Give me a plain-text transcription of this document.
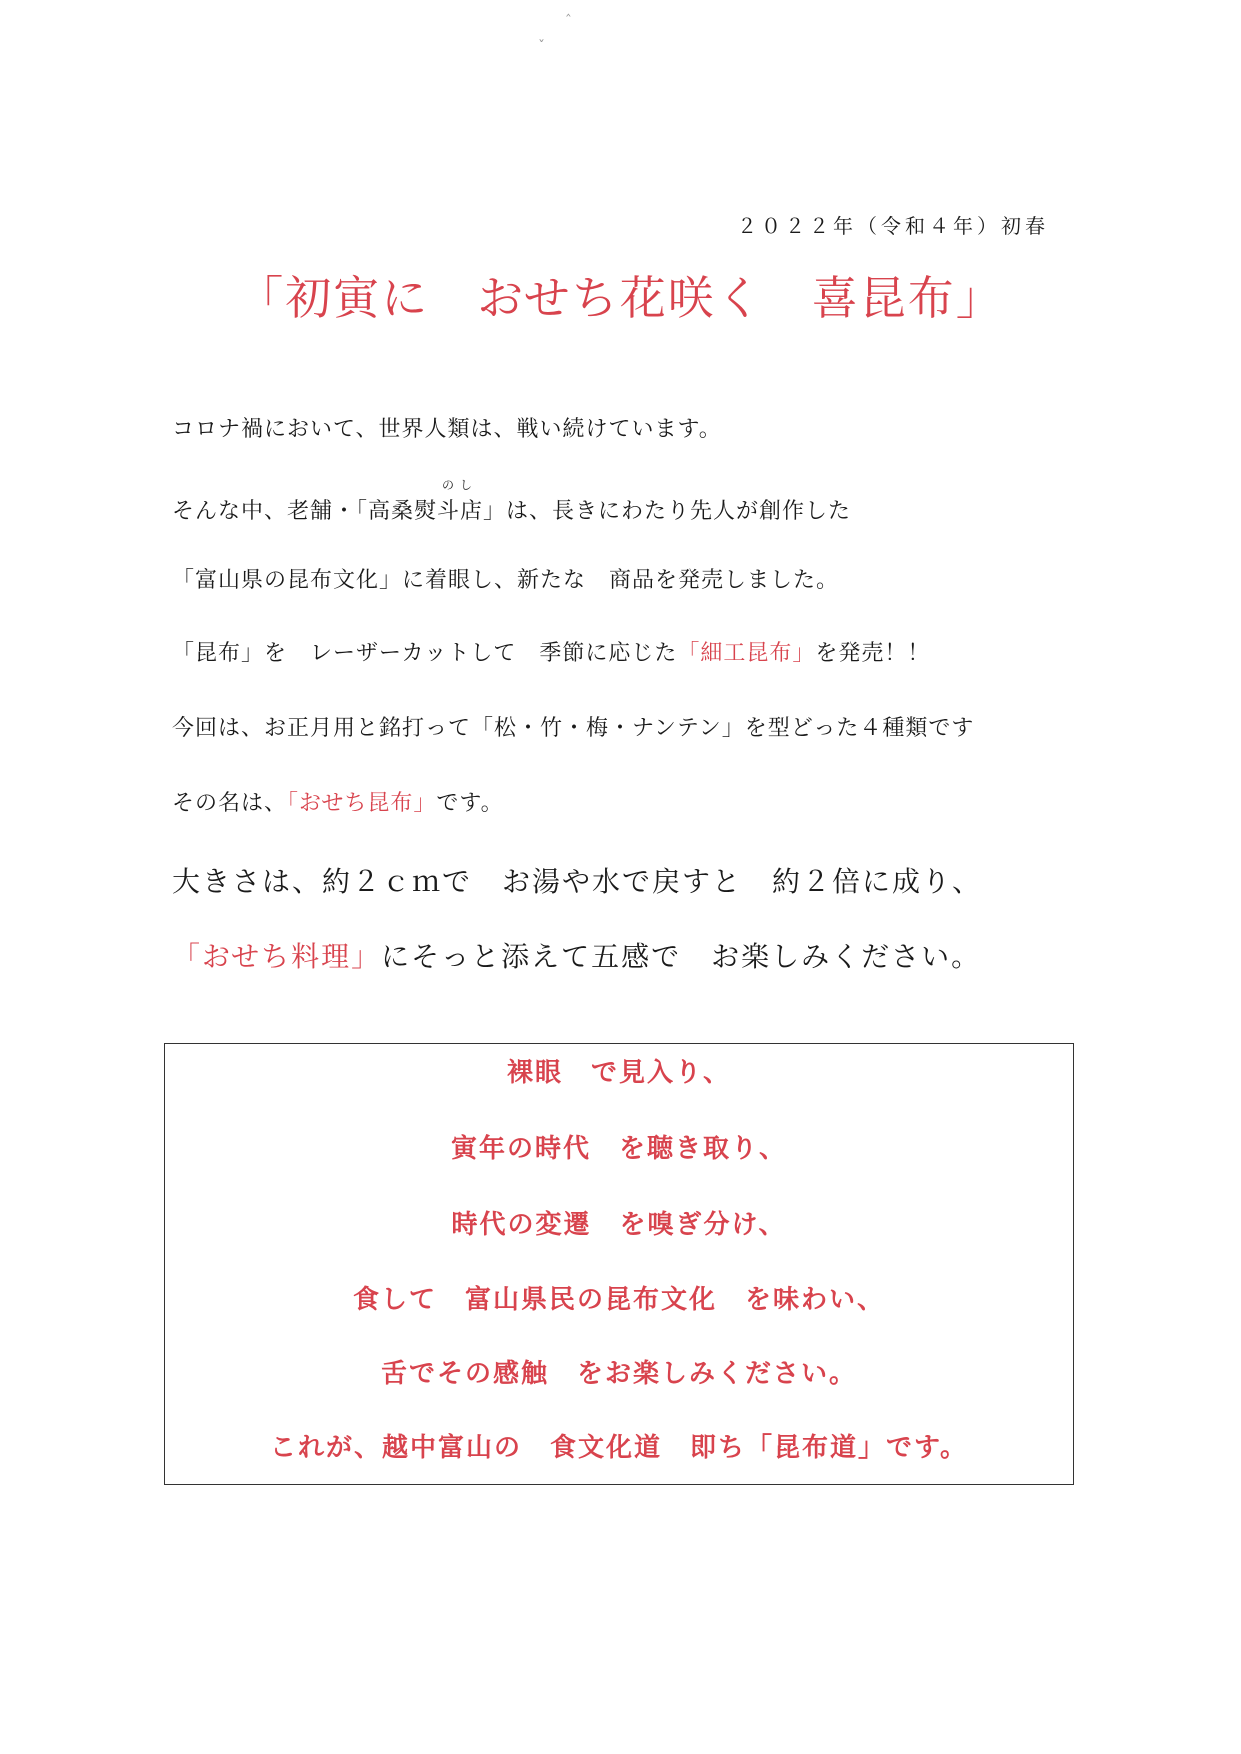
‸
ˇ
２０２２年（令和４年）初春
「初寅に　おせち花咲く　喜昆布」
コロナ禍において、世界人類は、戦い続けています。
のし
そんな中、老舗・「高桑熨斗店」は、長きにわたり先人が創作した
「富山県の昆布文化」に着眼し、新たな　商品を発売しました。
「昆布」を　レーザーカットして　季節に応じた「細工昆布」を発売！！
今回は、お正月用と銘打って「松・竹・梅・ナンテン」を型どった４種類です
その名は、「おせち昆布」です。
大きさは、約２ｃｍで　お湯や水で戻すと　約２倍に成り、
「おせち料理」にそっと添えて五感で　お楽しみください。
裸眼　で見入り、
寅年の時代　を聴き取り、
時代の変遷　を嗅ぎ分け、
食して　富山県民の昆布文化　を味わい、
舌でその感触　をお楽しみください。
これが、越中富山の　食文化道　即ち「昆布道」です。
